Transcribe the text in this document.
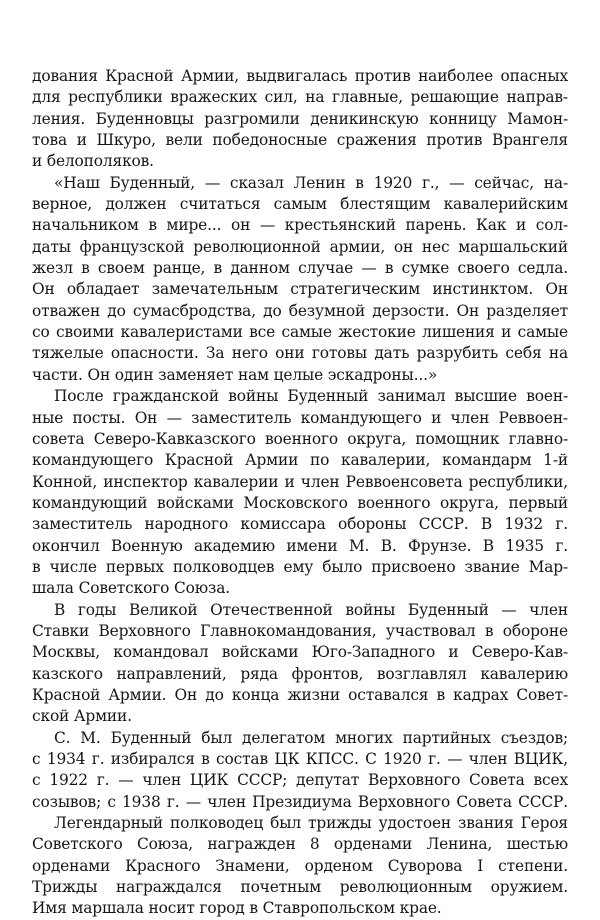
дования Красной Армии, выдвигалась против наиболее опасных
для республики вражеских сил, на главные, решающие направ-
ления. Буденновцы разгромили деникинскую конницу Мамон-
това и Шкуро, вели победоносные сражения против Врангеля
и белополяков.

«Наш Буденный, — сказал Ленин в 1920 г., — сейчас, на-
верное, должен считаться самым блестящим кавалерийским
начальником в мире... он — крестьянский парень. Как и сол-
даты французской революционной армии, он нес маршальский
жезл в своем ранце, в данном случае — в сумке своего седла.
Он обладает замечательным стратегическим инстинктом. Он
отважен до сумасбродства, до безумной дерзости. Он разделяет
со своими кавалеристами все самые жестокие лишения и самые
тяжелые опасности. За него они готовы дать разрубить себя на
части. Он один заменяет нам целые эскадроны...»

После гражданской войны Буденный занимал высшие воен-
ные посты. Он — заместитель командующего и член Реввоен-
совета Северо-Кавказского военного округа, помощник главно-
командующего Красной Армии по кавалерии, командарм 1-й
Конной, инспектор кавалерии и член Реввоенсовета республики,
командующий войсками Московского военного округа, первый
заместитель народного комиссара обороны СССР. В 1932 г.
окончил Военную академию имени М. В. Фрунзе. В 1935 г.
в числе первых полководцев ему было присвоено звание Мар-
шала Советского Союза.

В годы Великой Отечественной войны Буденный — член
Ставки Верховного Главнокомандования, участвовал в обороне
Москвы, командовал войсками Юго-Западного и Северо-Кав-
казского направлений, ряда фронтов, возглавлял кавалерию
Красной Армии. Он до конца жизни оставался в кадрах Совет-
ской Армии.

С. М. Буденный был делегатом многих партийных съездов;
с 1934 г. избирался в состав ЦК КПСС. С 1920 г. — член ВЦИК,
с 1922 г. — член ЦИК СССР; депутат Верховного Совета всех
созывов; с 1938 г. — член Президиума Верховного Совета СССР.

Легендарный полководец был трижды удостоен звания Героя
Советского Союза, награжден 8 орденами Ленина, шестью
орденами Красного Знамени, орденом Суворова I степени.
Трижды награждался почетным революционным оружием.
Имя маршала носит город в Ставропольском крае.
